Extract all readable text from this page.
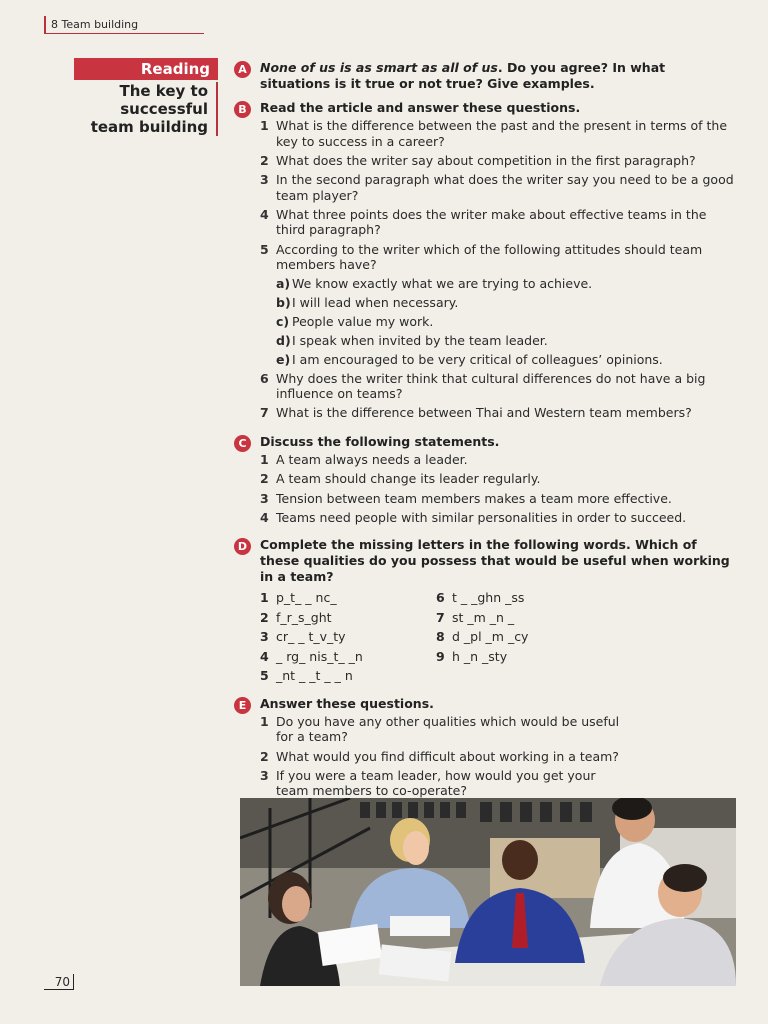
8 Team building
Reading
The key to
successful
team building
A	None of us is as smart as all of us. Do you agree? In what situations is it true or not true? Give examples.
B	Read the article and answer these questions.
1 What is the difference between the past and the present in terms of the key to success in a career?
2 What does the writer say about competition in the first paragraph?
3 In the second paragraph what does the writer say you need to be a good team player?
4 What three points does the writer make about effective teams in the third paragraph?
5 According to the writer which of the following attitudes should team members have?
a) We know exactly what we are trying to achieve.
b)I will lead when necessary.
c) People value my work.
d)I speak when invited by the team leader.
e) I am encouraged to be very critical of colleagues’ opinions.
6 Why does the writer think that cultural differences do not have a big influence on teams?
7 What is the difference between Thai and Western team members?
C	Discuss the following statements.
1 A team always needs a leader.
2 A team should change its leader regularly.
3 Tension between team members makes a team more effective.
4 Teams need people with similar personalities in order to succeed.
D	Complete the missing letters in the following words. Which of these qualities do you possess that would be useful when working in a team?
1 p_t_ _ nc_	6 t _ _ghn _ss
2 f_r_s_ght	7 st _m _n _
3 cr_ _ t_v_ty	8 d _pl _m _cy
4 _ rg_ nis_t_ _n	9 h _n _sty
5 _nt _ _t _ _ n
E	Answer these questions.
1 Do you have any other qualities which would be useful for a team?
2 What would you find difficult about working in a team?
3 If you were a team leader, how would you get your team members to co-operate?
70
